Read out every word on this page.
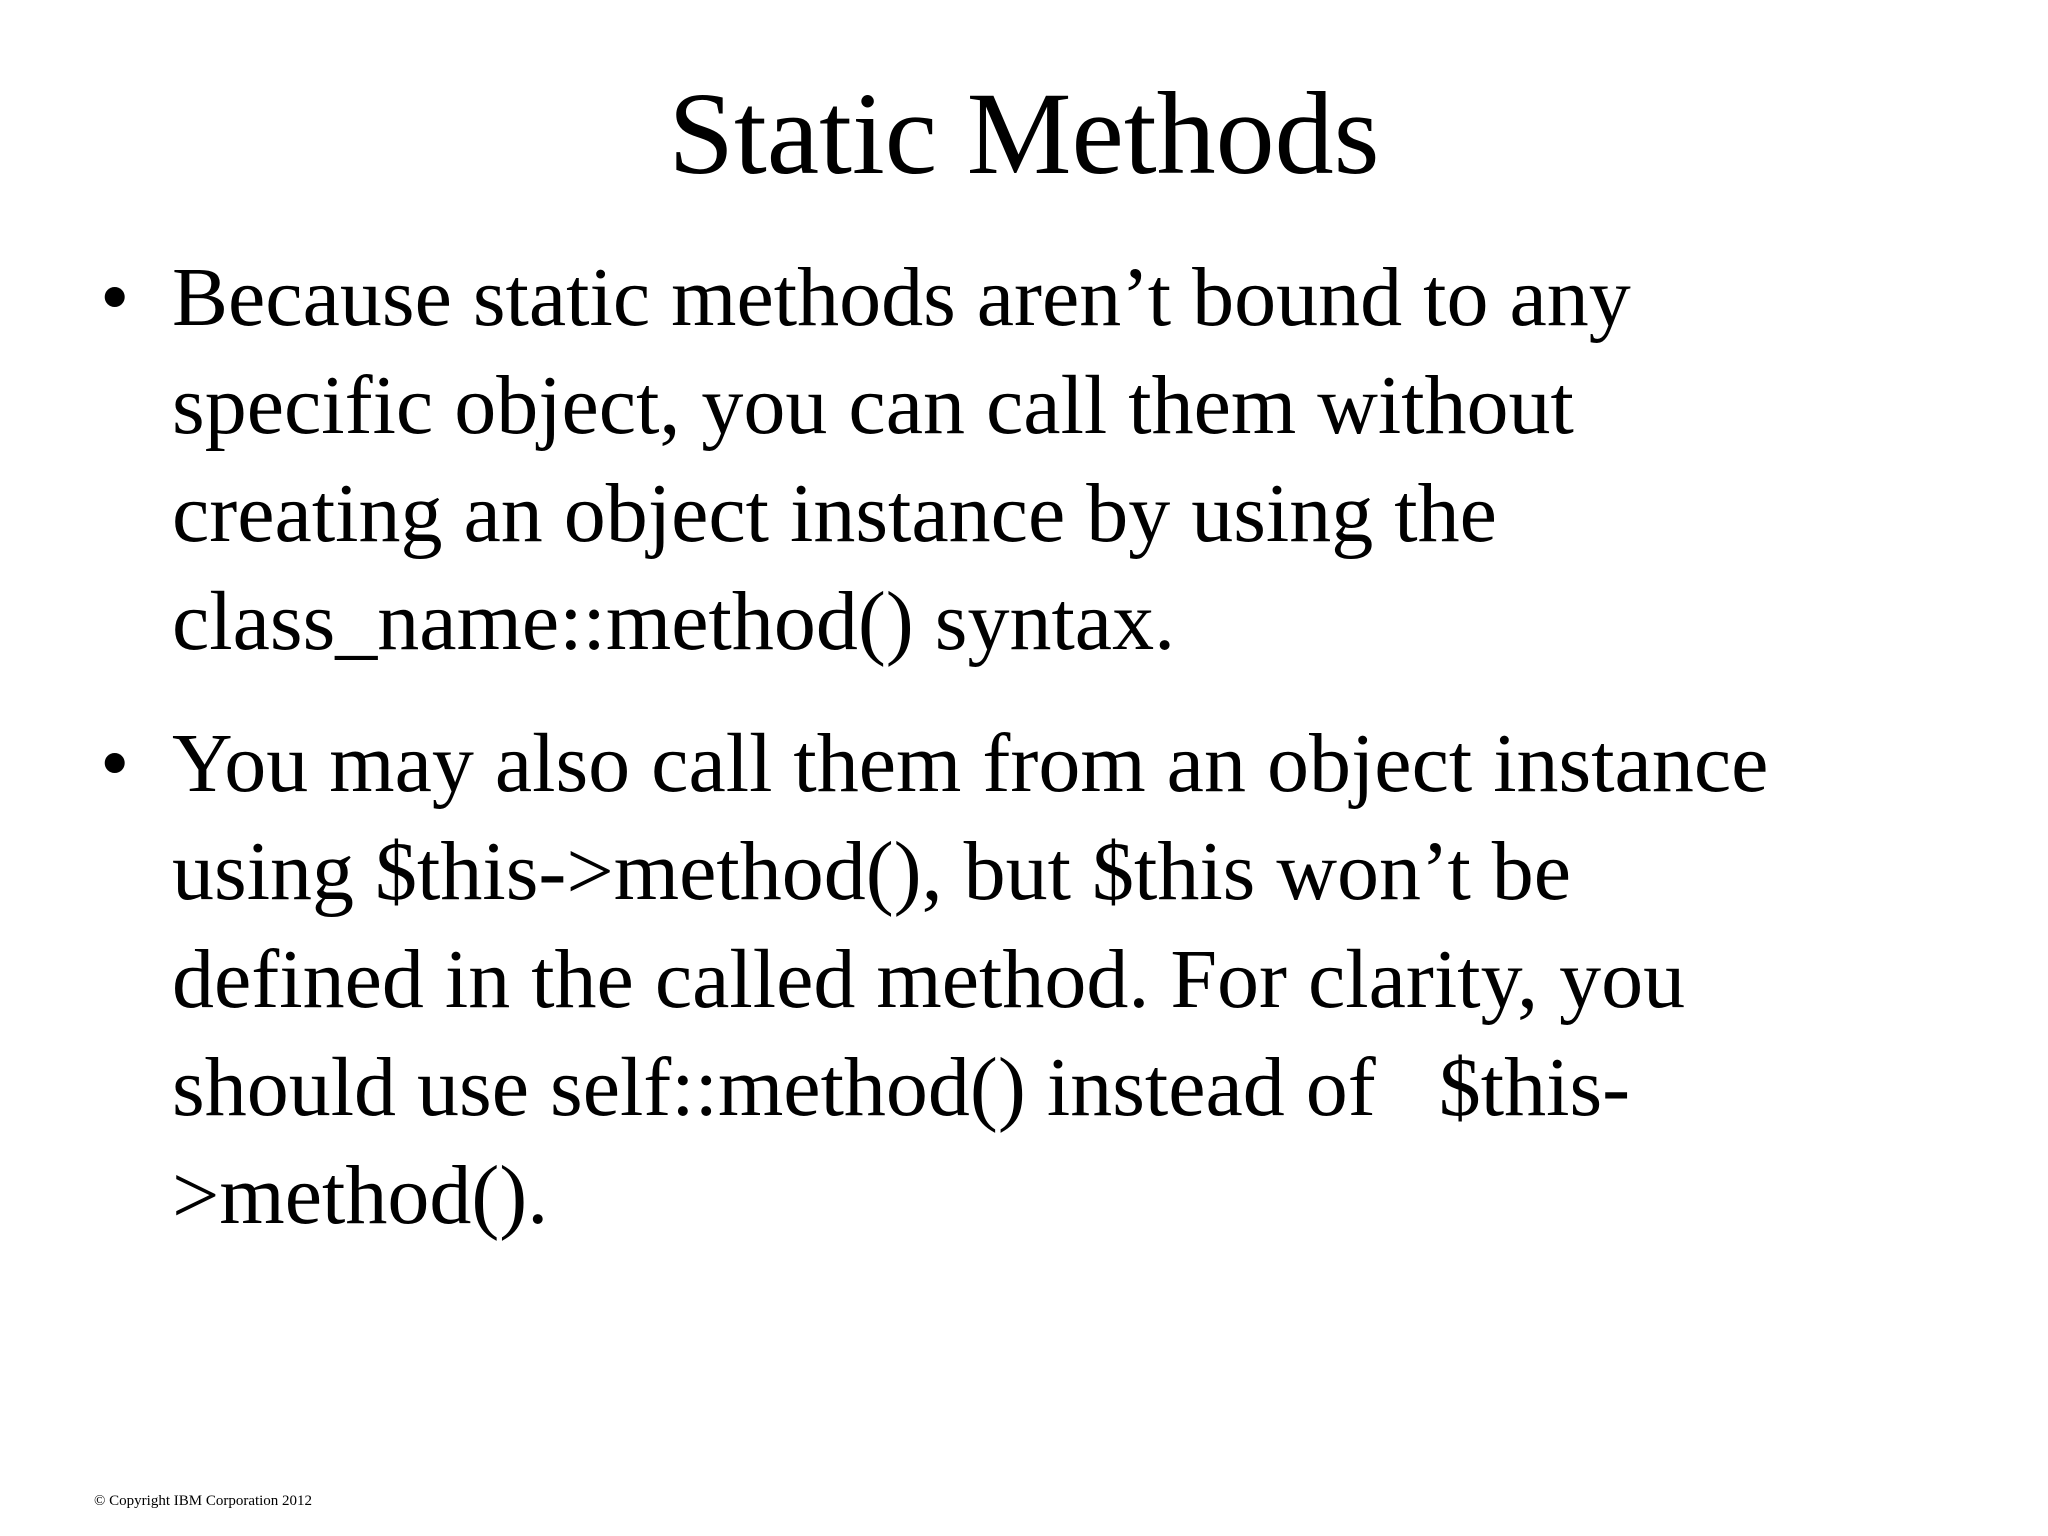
Static Methods
• Because static methods aren’t bound to any
specific object, you can call them without
creating an object instance by using the
class_name::method() syntax.
• You may also call them from an object instance
using $this->method(), but $this won’t be
defined in the called method. For clarity, you
should use self::method() instead of   $this-
>method().
© Copyright IBM Corporation 2012
